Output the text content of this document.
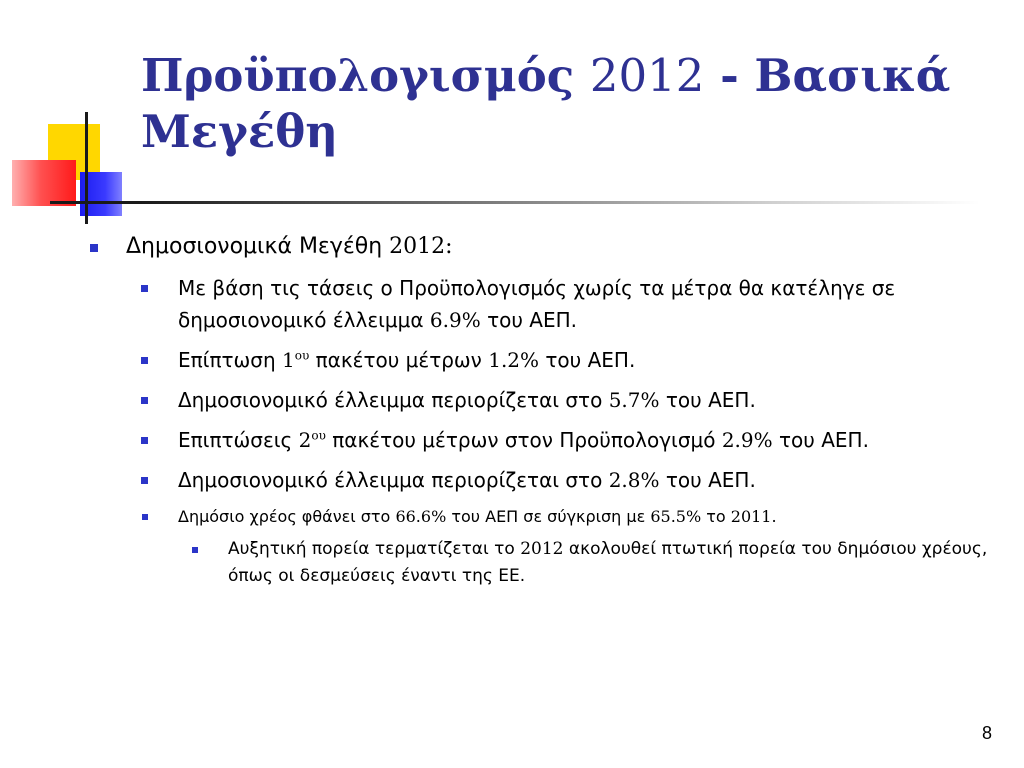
Προϋπολογισμός 2012 - Βασικά Μεγέθη
Δημοσιονομικά Μεγέθη 2012:
Με βάση τις τάσεις ο Προϋπολογισμός χωρίς τα μέτρα θα κατέληγε σε δημοσιονομικό έλλειμμα 6.9% του ΑΕΠ.
Επίπτωση $1^{o\upsilon}$ πακέτου μέτρων 1.2% του ΑΕΠ.
Δημοσιονομικό έλλειμμα περιορίζεται στο 5.7% του ΑΕΠ.
Επιπτώσεις $2^{o\upsilon}$ πακέτου μέτρων στον Προϋπολογισμό 2.9% του ΑΕΠ.
Δημοσιονομικό έλλειμμα περιορίζεται στο 2.8% του ΑΕΠ.
Δημόσιο χρέος φθάνει στο 66.6% του ΑΕΠ σε σύγκριση με 65.5% το 2011.
Αυξητική πορεία τερματίζεται το 2012 ακολουθεί πτωτική πορεία του δημόσιου χρέους, όπως οι δεσμεύσεις έναντι της ΕΕ.
8
